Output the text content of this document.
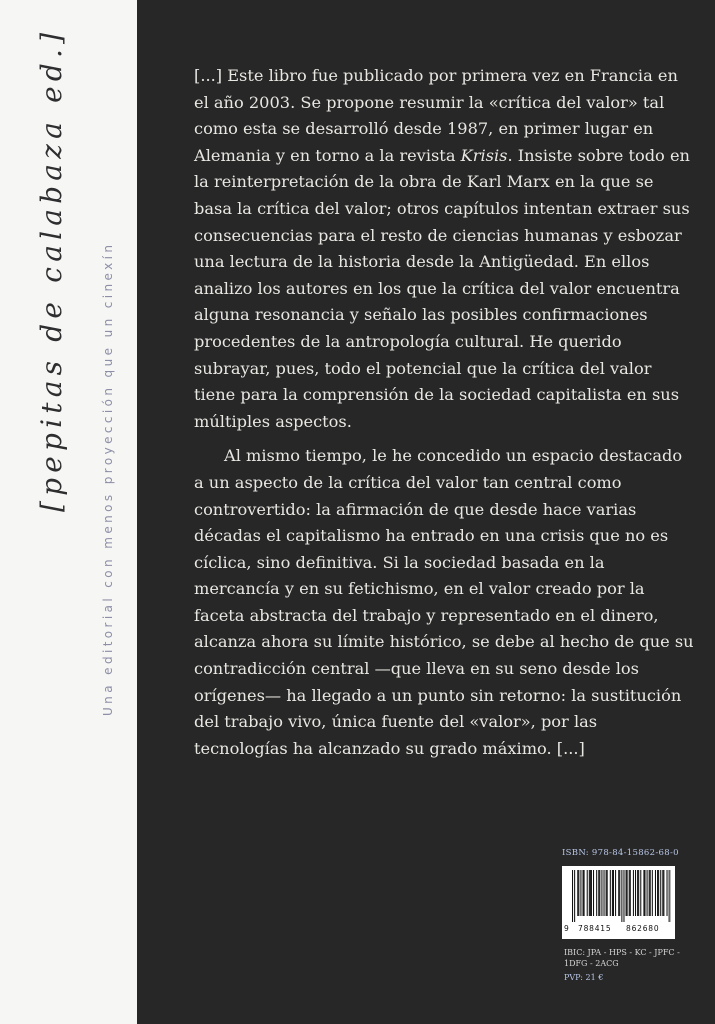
[pepitas de calabaza ed.]	Una editorial con menos proyección que un cinexín

[...] Este libro fue publicado por primera vez en Francia en el año 2003. Se propone resumir la «crítica del valor» tal como esta se desarrolló desde 1987, en primer lugar en Alemania y en torno a la revista Krisis. Insiste sobre todo en la reinterpretación de la obra de Karl Marx en la que se basa la crítica del valor; otros capítulos intentan extraer sus consecuencias para el resto de ciencias humanas y esbozar una lectura de la historia desde la Antigüedad. En ellos analizo los autores en los que la crítica del valor encuentra alguna resonancia y señalo las posibles confirmaciones procedentes de la antropología cultural. He querido subrayar, pues, todo el potencial que la crítica del valor tiene para la comprensión de la sociedad capitalista en sus múltiples aspectos.

Al mismo tiempo, le he concedido un espacio destacado a un aspecto de la crítica del valor tan central como controvertido: la afirmación de que desde hace varias décadas el capitalismo ha entrado en una crisis que no es cíclica, sino definitiva. Si la sociedad basada en la mercancía y en su fetichismo, en el valor creado por la faceta abstracta del trabajo y representado en el dinero, alcanza ahora su límite histórico, se debe al hecho de que su contradicción central —que lleva en su seno desde los orígenes— ha llegado a un punto sin retorno: la sustitución del trabajo vivo, única fuente del «valor», por las tecnologías ha alcanzado su grado máximo. [...]

ISBN: 978-84-15862-68-0
9 788415 862680
IBIC: JPA - HPS - KC - JPFC - 1DFG - 2ACG
PVP: 21 €
